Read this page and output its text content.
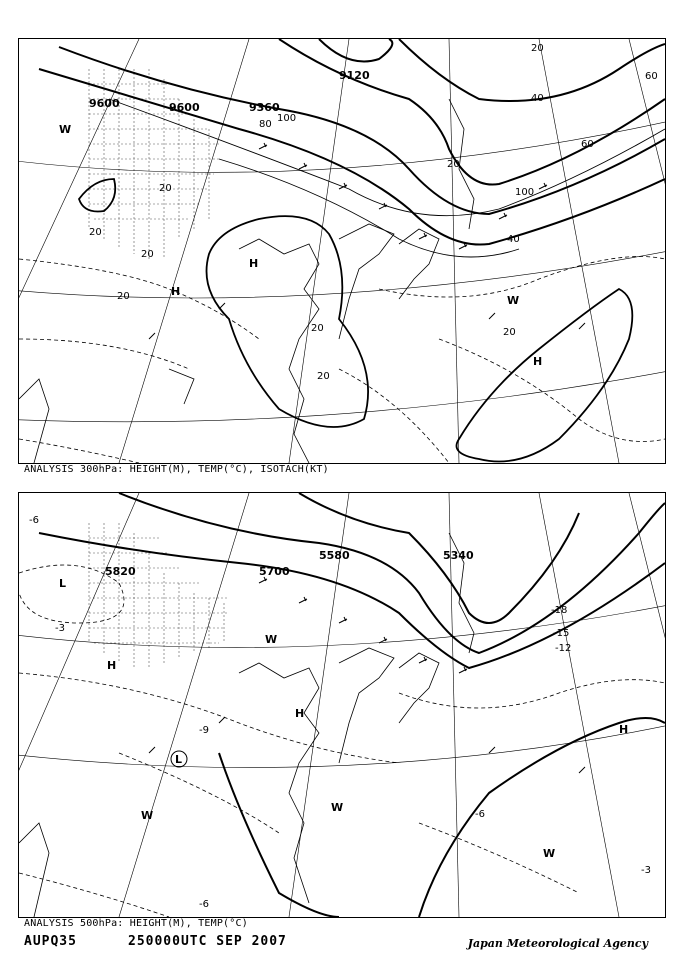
9120
9360
9600
9600
20
40
60
80
100
20
20
20
20
20
20
20
20
40
60
100
H
H
H
W
W
ANALYSIS 300hPa: HEIGHT(M), TEMP(°C), ISOTACH(KT)
L
L
H
H
H
W
W
W
W
5820	5700
5580	5340
-3
-6
-9
-12
-15
-18
-6
-6
-3
ANALYSIS 500hPa: HEIGHT(M), TEMP(°C)
AUPQ35	250000UTC SEP 2007	Japan Meteorological Agency
